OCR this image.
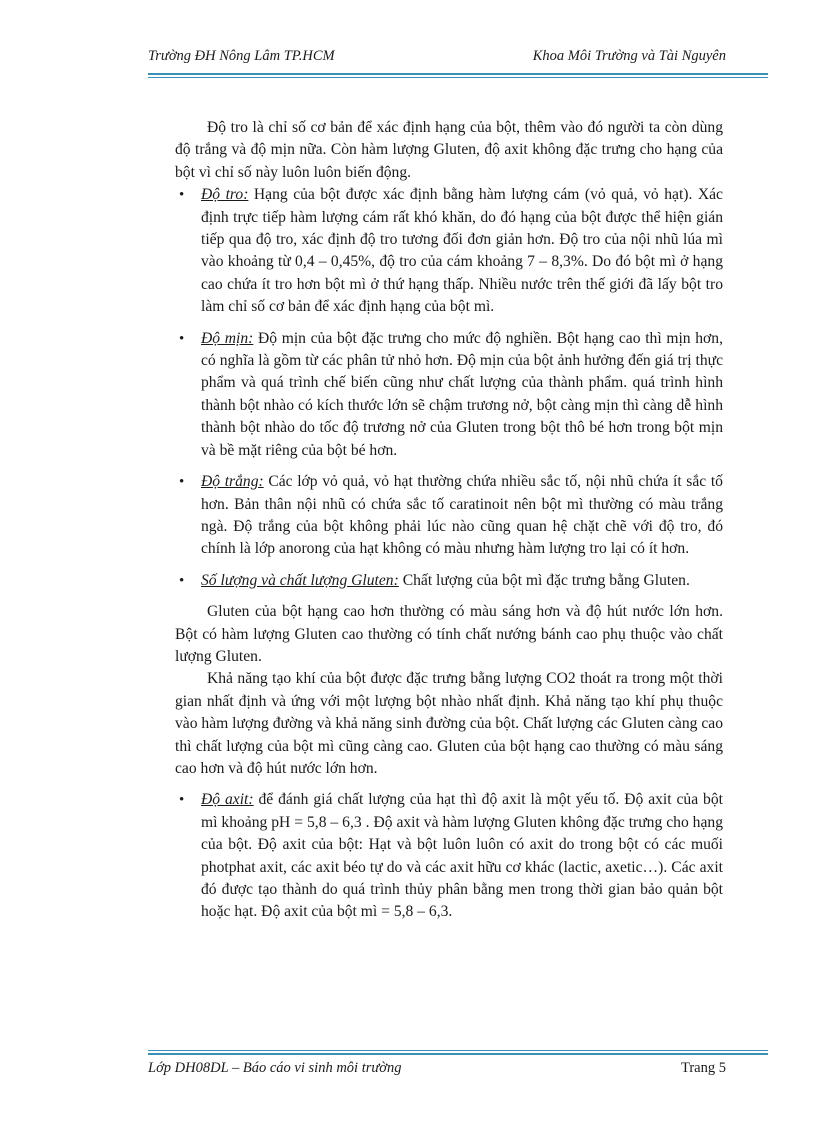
Trường ĐH Nông Lâm TP.HCM	Khoa Môi Trường và Tài Nguyên

Độ tro là chỉ số cơ bản để xác định hạng của bột, thêm vào đó người ta còn dùng độ trắng và độ mịn nữa. Còn hàm lượng Gluten, độ axit không đặc trưng cho hạng của bột vì chỉ số này luôn luôn biến động.

• Độ tro: Hạng của bột được xác định bằng hàm lượng cám (vỏ quả, vỏ hạt). Xác định trực tiếp hàm lượng cám rất khó khăn, do đó hạng của bột được thể hiện gián tiếp qua độ tro, xác định độ tro tương đối đơn giản hơn. Độ tro của nội nhũ lúa mì vào khoảng từ 0,4 – 0,45%, độ tro của cám khoảng 7 – 8,3%. Do đó bột mì ở hạng cao chứa ít tro hơn bột mì ở thứ hạng thấp. Nhiều nước trên thế giới đã lấy bột tro làm chỉ số cơ bản để xác định hạng của bột mì.
• Độ mịn: Độ mịn của bột đặc trưng cho mức độ nghiền. Bột hạng cao thì mịn hơn, có nghĩa là gồm từ các phân tử nhỏ hơn. Độ mịn của bột ảnh hưởng đến giá trị thực phẩm và quá trình chế biến cũng như chất lượng của thành phẩm. quá trình hình thành bột nhào có kích thước lớn sẽ chậm trương nở, bột càng mịn thì càng dễ hình thành bột nhào do tốc độ trương nở của Gluten trong bột thô bé hơn trong bột mịn và bề mặt riêng của bột bé hơn.
• Độ trắng: Các lớp vỏ quả, vỏ hạt thường chứa nhiều sắc tố, nội nhũ chứa ít sắc tố hơn. Bản thân nội nhũ có chứa sắc tố caratinoit nên bột mì thường có màu trắng ngà. Độ trắng của bột không phải lúc nào cũng quan hệ chặt chẽ với độ tro, đó chính là lớp anorong của hạt không có màu nhưng hàm lượng tro lại có ít hơn.
• Số lượng và chất lượng Gluten: Chất lượng của bột mì đặc trưng bằng Gluten.

Gluten của bột hạng cao hơn thường có màu sáng hơn và độ hút nước lớn hơn. Bột có hàm lượng Gluten cao thường có tính chất nướng bánh cao phụ thuộc vào chất lượng Gluten.

Khả năng tạo khí của bột được đặc trưng bằng lượng CO2 thoát ra trong một thời gian nhất định và ứng với một lượng bột nhào nhất định. Khả năng tạo khí phụ thuộc vào hàm lượng đường và khả năng sinh đường của bột. Chất lượng các Gluten càng cao thì chất lượng của bột mì cũng càng cao. Gluten của bột hạng cao thường có màu sáng cao hơn và độ hút nước lớn hơn.

• Độ axit: để đánh giá chất lượng của hạt thì độ axit là một yếu tố. Độ axit của bột mì khoảng pH = 5,8 – 6,3 . Độ axit và hàm lượng Gluten không đặc trưng cho hạng của bột. Độ axit của bột: Hạt và bột luôn luôn có axit do trong bột có các muối photphat axit, các axit béo tự do và các axit hữu cơ khác (lactic, axetic…). Các axit đó được tạo thành do quá trình thủy phân bằng men trong thời gian bảo quản bột hoặc hạt. Độ axit của bột mì = 5,8 – 6,3.
Lớp DH08DL – Báo cáo vi sinh môi trường	Trang 5
